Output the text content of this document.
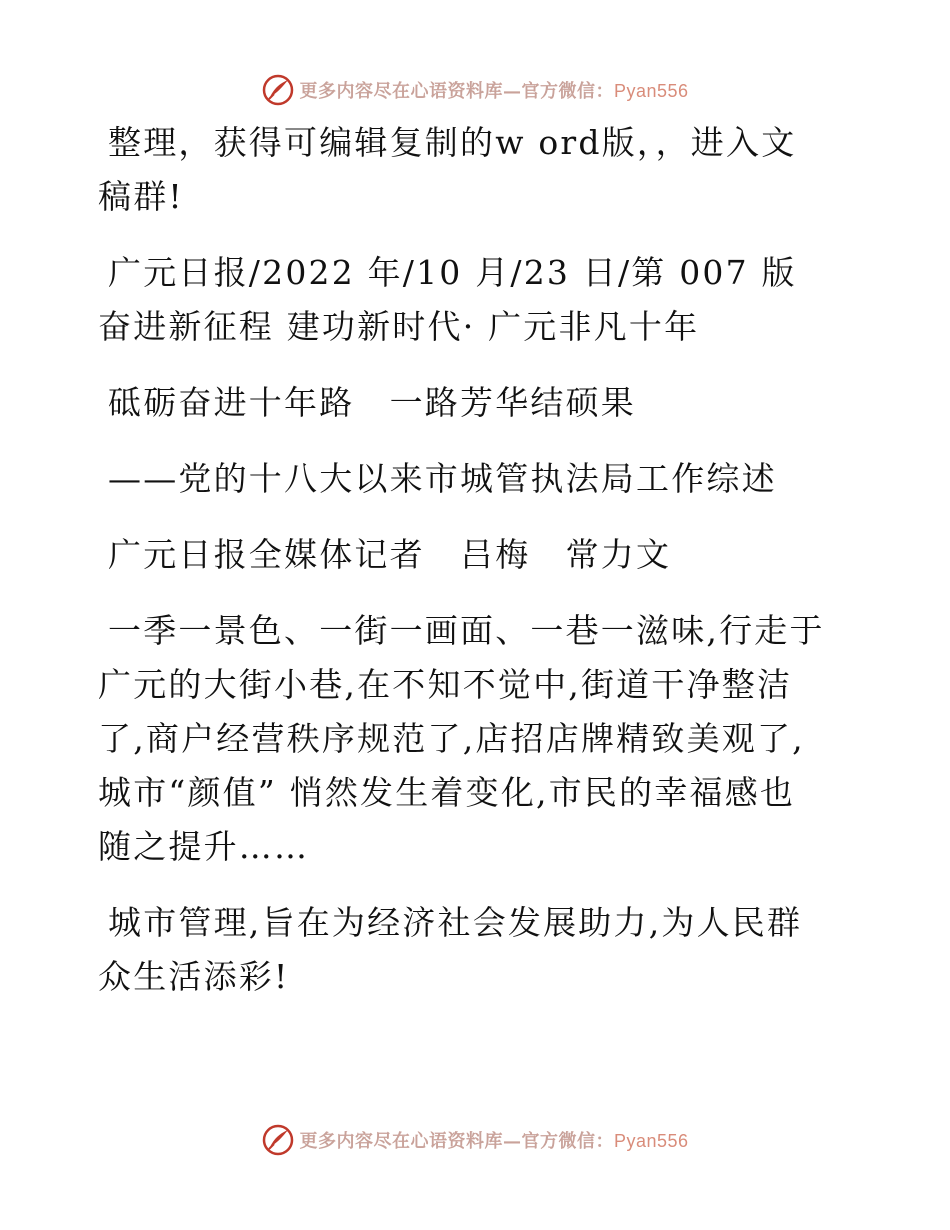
更多内容尽在心语资料库—官方微信：Pyan556

整理，获得可编辑复制的w ord版，，进入文稿群!

广元日报/2022 年/10 月/23 日/第 007 版奋进新征程 建功新时代· 广元非凡十年

砥砺奋进十年路　一路芳华结硕果

——党的十八大以来市城管执法局工作综述

广元日报全媒体记者　吕梅　常力文

一季一景色、一街一画面、一巷一滋味,行走于广元的大街小巷,在不知不觉中,街道干净整洁了,商户经营秩序规范了,店招店牌精致美观了,城市“颜值” 悄然发生着变化,市民的幸福感也随之提升……

城市管理,旨在为经济社会发展助力,为人民群众生活添彩!

更多内容尽在心语资料库—官方微信：Pyan556
